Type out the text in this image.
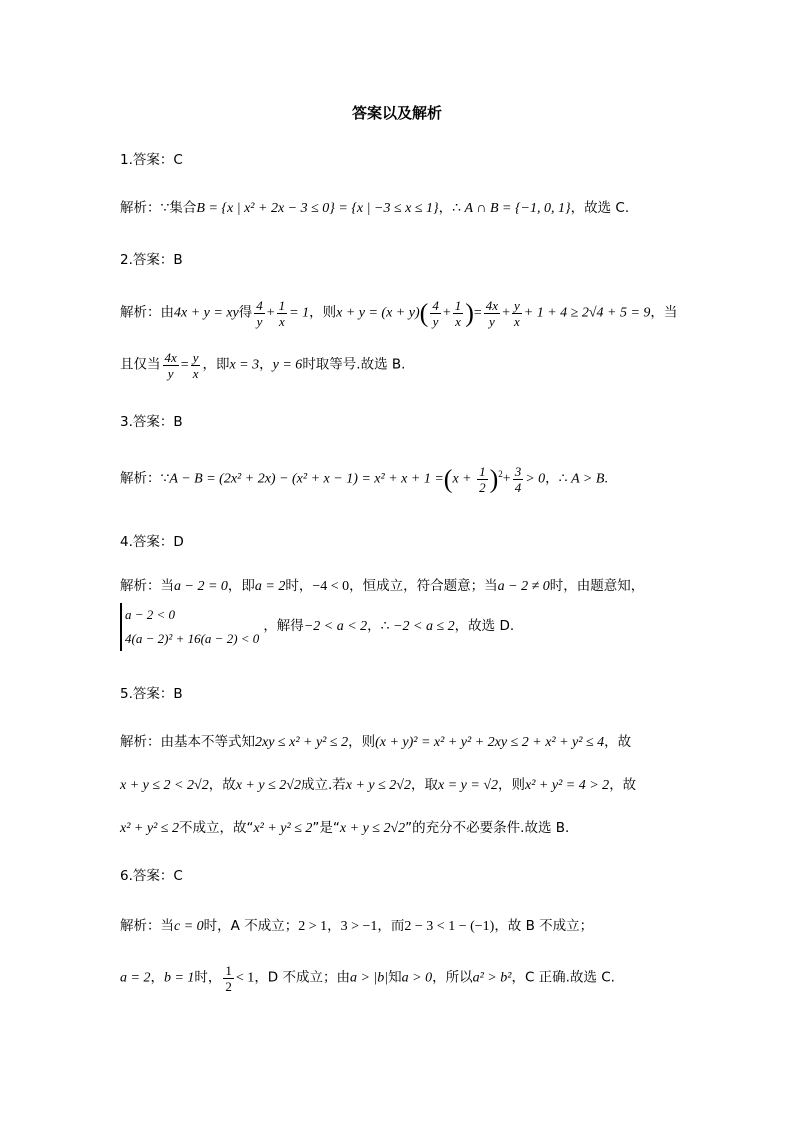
答案以及解析
1.答案：C
解析：∵集合B = {x | x² + 2x − 3 ≤ 0} = {x | −3 ≤ x ≤ 1}，∴ A ∩ B = {−1, 0, 1}，故选 C.
2.答案：B
解析：由4x + y = xy得 $\frac{4}{y} + \frac{1}{x} = 1$，则$x + y = (x + y)( \frac{4}{y} + \frac{1}{x}$ )= $\frac{4x}{y} + \frac{y}{x} + 1 + 4 \ge 2√4 + 5 = 9$，当
且仅当 $\frac{4x}{y} = \frac{y}{x}$ ，即x = 3，y = 6时取等号.故选 B.
3.答案：B
解析：∵A − $B = (2x^2 + 2x) - (x^2 + x - 1) = x^2 + x + 1 =(x + \frac{1}{2} )^2+ \frac{3}{4} > 0$，∴ A > B.
4.答案：D
解析：当a − 2 = 0，即a = 2时，−4 < 0，恒成立，符合题意；当a − 2 ≠ 0时，由题意知，
a − 2 < 0
4(a − 2)² + 16(a − 2) < 0
，解得−2 < a < 2，∴ −2 < a ≤ 2，故选 D.
5.答案：B
解析：由基本不等式知2xy ≤ x² + y² ≤ 2，则(x + y)² = x² + y² + 2xy ≤ 2 + x² + y² ≤ 4，故
x + y ≤ 2 < 2√2，故x + y ≤ 2√2成立.若x + y ≤ 2√2，取x = y = √2，则x² + y² = 4 > 2，故
x² + y² ≤ 2不成立，故“x² + y² ≤ 2”是“x + y ≤ 2√2”的充分不必要条件.故选 B.
6.答案：C
解析：当c = 0时，A 不成立；2 > 1，3 > −1，而2 − 3 < 1 − (−1)，故 B 不成立；
a = 2，b = 1时， $\frac{1}{2} < 1$，D 不成立；由a > |b|知a > 0，所以a² > b²，C 正确.故选 C.
